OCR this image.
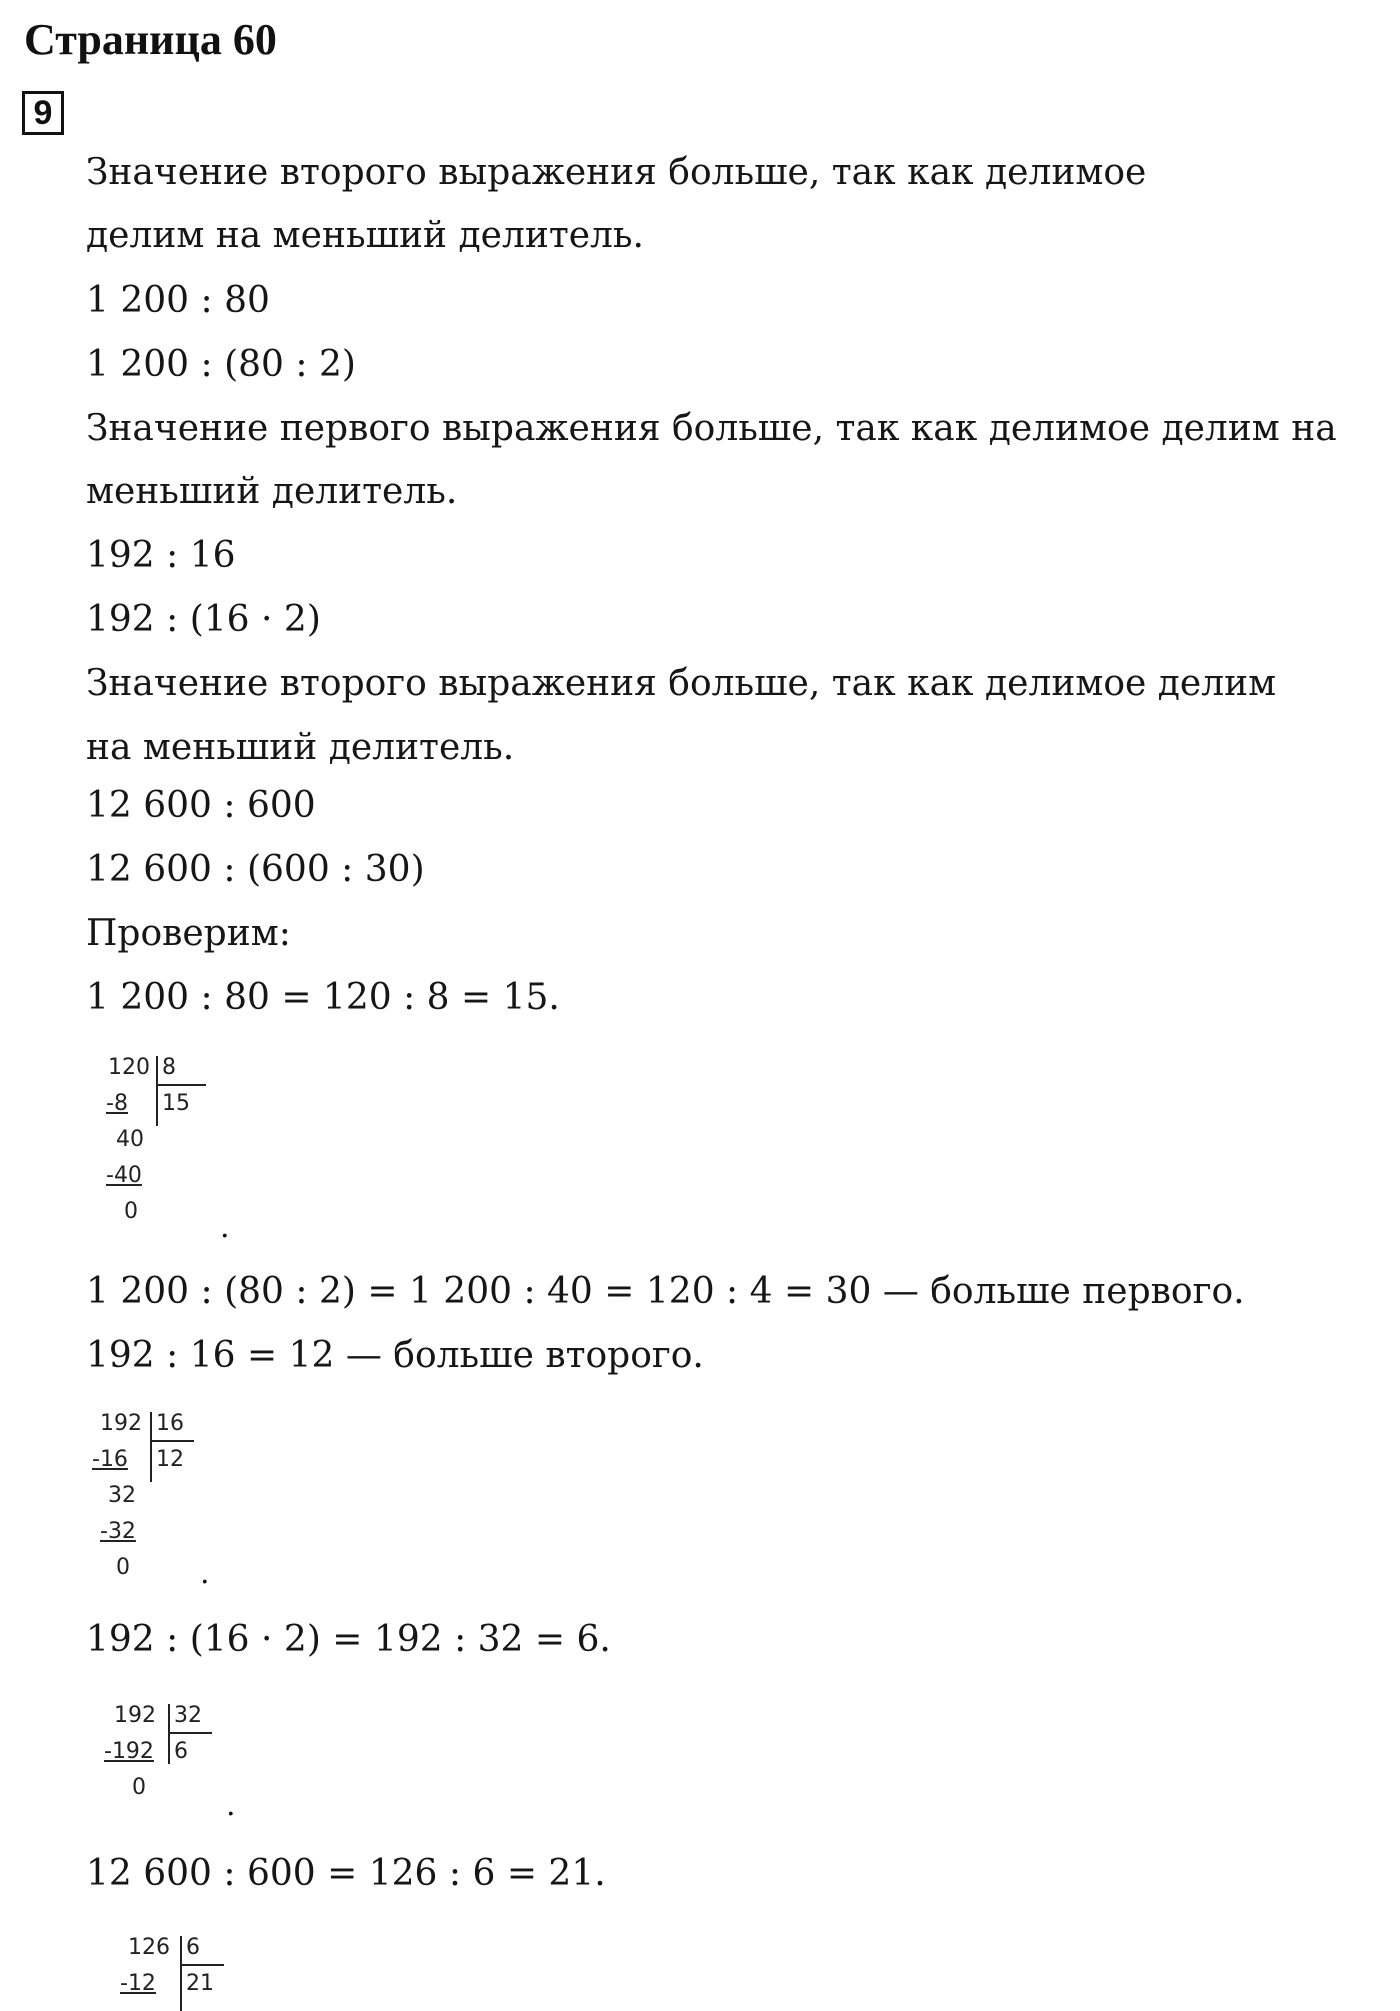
Страница 60
9
Значение второго выражения больше, так как делимое
делим на меньший делитель.
1 200 : 80
1 200 : (80 : 2)
Значение первого выражения больше, так как делимое делим на
меньший делитель.
192 : 16
192 : (16 · 2)
Значение второго выражения больше, так как делимое делим
на меньший делитель.
12 600 : 600
12 600 : (600 : 30)
Проверим:
1 200 : 80 = 120 : 8 = 15.
1 200 : (80 : 2) = 1 200 : 40 = 120 : 4 = 30 — больше первого.
192 : 16 = 12 — больше второго.
192 : (16 · 2) = 192 : 32 = 6.
12 600 : 600 = 126 : 6 = 21.
120 8
15
-8
40
-40
0	.
192 16
12
-16
32
-32
0 .
192 32
6
-192
0
.
126 6
21
-12
